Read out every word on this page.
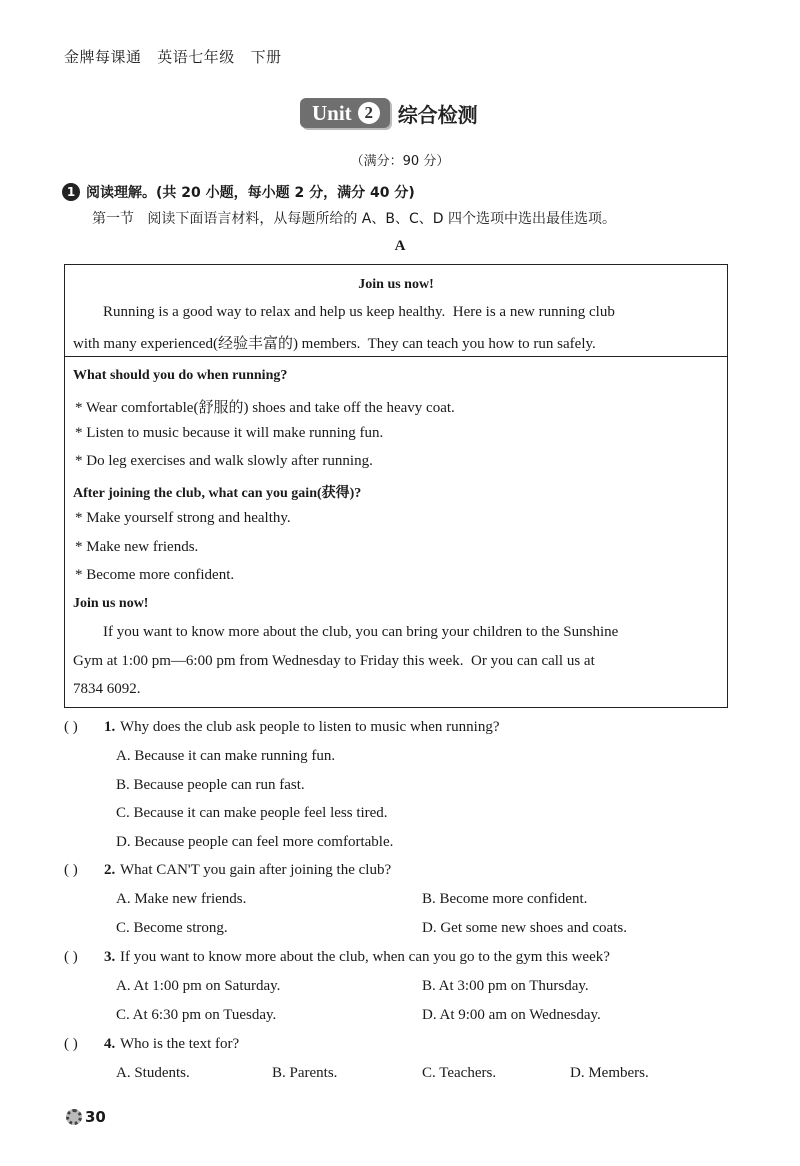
金牌每课通   英语七年级   下册
Unit 2	综合检测
（满分：90 分）
1 阅读理解。(共 20 小题，每小题 2 分，满分 40 分)
第一节   阅读下面语言材料，从每题所给的 A、B、C、D 四个选项中选出最佳选项。
A
Join us now!
Running is a good way to relax and help us keep healthy.  Here is a new running club
with many experienced(经验丰富的) members.  They can teach you how to run safely.
What should you do when running?
* Wear comfortable(舒服的) shoes and take off the heavy coat.
* Listen to music because it will make running fun.
* Do leg exercises and walk slowly after running.
After joining the club, what can you gain(获得)?
* Make yourself strong and healthy.
* Make new friends.
* Become more confident.
Join us now!
If you want to know more about the club, you can bring your children to the Sunshine
Gym at 1:00 pm—6:00 pm from Wednesday to Friday this week.  Or you can call us at
7834 6092.
( ) 1. Why does the club ask people to listen to music when running?
A. Because it can make running fun.
B. Because people can run fast.
C. Because it can make people feel less tired.
D. Because people can feel more comfortable.
( ) 2. What CAN'T you gain after joining the club?
A. Make new friends.	B. Become more confident.
C. Become strong.	D. Get some new shoes and coats.
( ) 3. If you want to know more about the club, when can you go to the gym this week?
A. At 1:00 pm on Saturday.	B. At 3:00 pm on Thursday.
C. At 6:30 pm on Tuesday.	D. At 9:00 am on Wednesday.
( ) 4. Who is the text for?
A. Students.	B. Parents.	C. Teachers.	D. Members.
30
